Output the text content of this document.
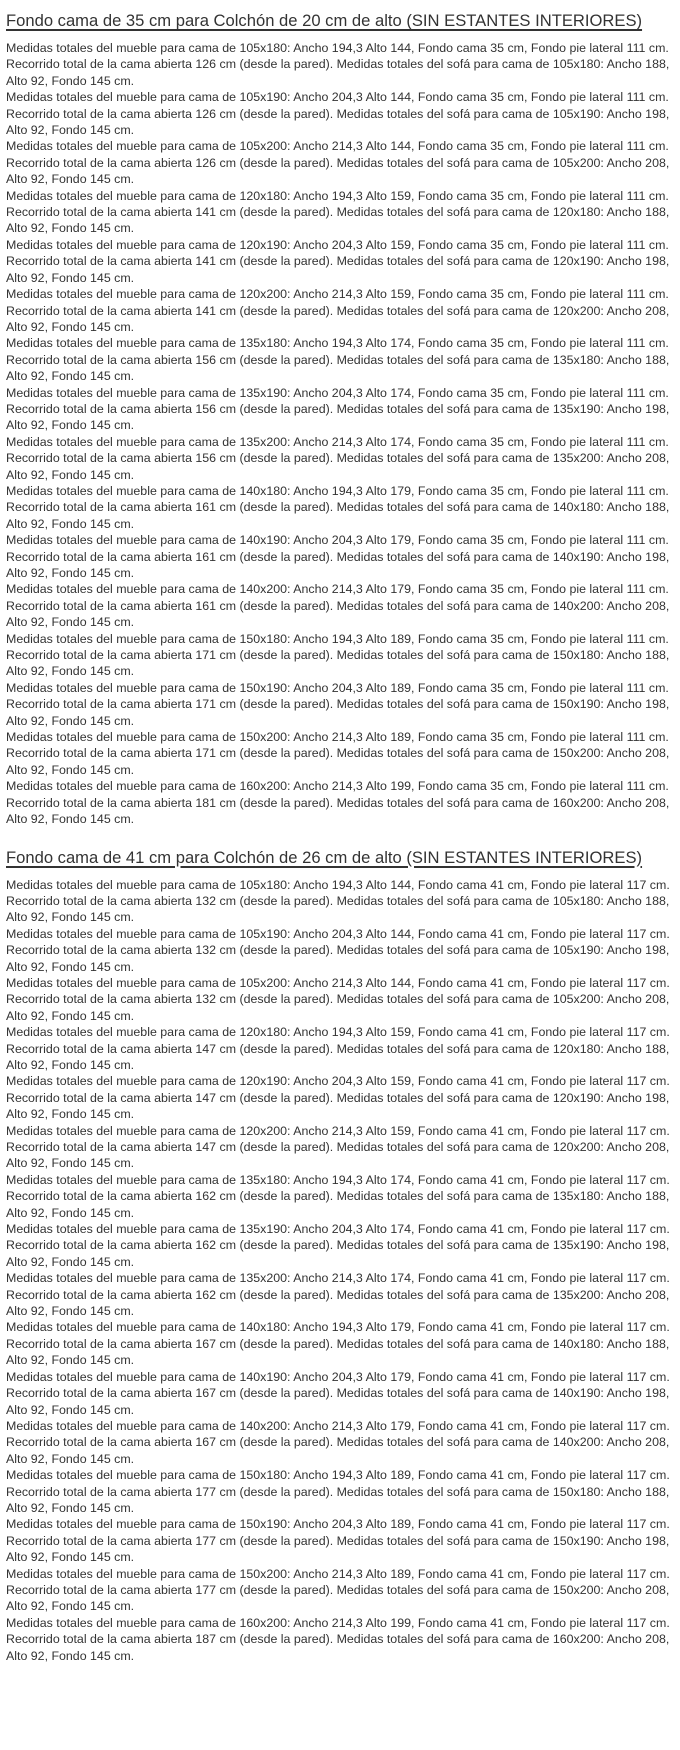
Fondo cama de 35 cm para Colchón de 20 cm de alto (SIN ESTANTES INTERIORES)

Medidas totales del mueble para cama de 105x180: Ancho 194,3 Alto 144, Fondo cama 35 cm, Fondo pie lateral 111 cm. Recorrido total de la cama abierta 126 cm (desde la pared). Medidas totales del sofá para cama de 105x180: Ancho 188, Alto 92, Fondo 145 cm.

Medidas totales del mueble para cama de 105x190: Ancho 204,3 Alto 144, Fondo cama 35 cm, Fondo pie lateral 111 cm. Recorrido total de la cama abierta 126 cm (desde la pared). Medidas totales del sofá para cama de 105x190: Ancho 198, Alto 92, Fondo 145 cm.

Medidas totales del mueble para cama de 105x200: Ancho 214,3 Alto 144, Fondo cama 35 cm, Fondo pie lateral 111 cm. Recorrido total de la cama abierta 126 cm (desde la pared). Medidas totales del sofá para cama de 105x200: Ancho 208, Alto 92, Fondo 145 cm.

Medidas totales del mueble para cama de 120x180: Ancho 194,3 Alto 159, Fondo cama 35 cm, Fondo pie lateral 111 cm. Recorrido total de la cama abierta 141 cm (desde la pared). Medidas totales del sofá para cama de 120x180: Ancho 188, Alto 92, Fondo 145 cm.

Medidas totales del mueble para cama de 120x190: Ancho 204,3 Alto 159, Fondo cama 35 cm, Fondo pie lateral 111 cm. Recorrido total de la cama abierta 141 cm (desde la pared). Medidas totales del sofá para cama de 120x190: Ancho 198, Alto 92, Fondo 145 cm.

Medidas totales del mueble para cama de 120x200: Ancho 214,3 Alto 159, Fondo cama 35 cm, Fondo pie lateral 111 cm. Recorrido total de la cama abierta 141 cm (desde la pared). Medidas totales del sofá para cama de 120x200: Ancho 208, Alto 92, Fondo 145 cm.

Medidas totales del mueble para cama de 135x180: Ancho 194,3 Alto 174, Fondo cama 35 cm, Fondo pie lateral 111 cm. Recorrido total de la cama abierta 156 cm (desde la pared). Medidas totales del sofá para cama de 135x180: Ancho 188, Alto 92, Fondo 145 cm.

Medidas totales del mueble para cama de 135x190: Ancho 204,3 Alto 174, Fondo cama 35 cm, Fondo pie lateral 111 cm. Recorrido total de la cama abierta 156 cm (desde la pared). Medidas totales del sofá para cama de 135x190: Ancho 198, Alto 92, Fondo 145 cm.

Medidas totales del mueble para cama de 135x200: Ancho 214,3 Alto 174, Fondo cama 35 cm, Fondo pie lateral 111 cm. Recorrido total de la cama abierta 156 cm (desde la pared). Medidas totales del sofá para cama de 135x200: Ancho 208, Alto 92, Fondo 145 cm.

Medidas totales del mueble para cama de 140x180: Ancho 194,3 Alto 179, Fondo cama 35 cm, Fondo pie lateral 111 cm. Recorrido total de la cama abierta 161 cm (desde la pared). Medidas totales del sofá para cama de 140x180: Ancho 188, Alto 92, Fondo 145 cm.

Medidas totales del mueble para cama de 140x190: Ancho 204,3 Alto 179, Fondo cama 35 cm, Fondo pie lateral 111 cm. Recorrido total de la cama abierta 161 cm (desde la pared). Medidas totales del sofá para cama de 140x190: Ancho 198, Alto 92, Fondo 145 cm.

Medidas totales del mueble para cama de 140x200: Ancho 214,3 Alto 179, Fondo cama 35 cm, Fondo pie lateral 111 cm. Recorrido total de la cama abierta 161 cm (desde la pared). Medidas totales del sofá para cama de 140x200: Ancho 208, Alto 92, Fondo 145 cm.

Medidas totales del mueble para cama de 150x180: Ancho 194,3 Alto 189, Fondo cama 35 cm, Fondo pie lateral 111 cm. Recorrido total de la cama abierta 171 cm (desde la pared). Medidas totales del sofá para cama de 150x180: Ancho 188, Alto 92, Fondo 145 cm.

Medidas totales del mueble para cama de 150x190: Ancho 204,3 Alto 189, Fondo cama 35 cm, Fondo pie lateral 111 cm. Recorrido total de la cama abierta 171 cm (desde la pared). Medidas totales del sofá para cama de 150x190: Ancho 198, Alto 92, Fondo 145 cm.

Medidas totales del mueble para cama de 150x200: Ancho 214,3 Alto 189, Fondo cama 35 cm, Fondo pie lateral 111 cm. Recorrido total de la cama abierta 171 cm (desde la pared). Medidas totales del sofá para cama de 150x200: Ancho 208, Alto 92, Fondo 145 cm.

Medidas totales del mueble para cama de 160x200: Ancho 214,3 Alto 199, Fondo cama 35 cm, Fondo pie lateral 111 cm. Recorrido total de la cama abierta 181 cm (desde la pared). Medidas totales del sofá para cama de 160x200: Ancho 208, Alto 92, Fondo 145 cm.

Fondo cama de 41 cm para Colchón de 26 cm de alto (SIN ESTANTES INTERIORES)

Medidas totales del mueble para cama de 105x180: Ancho 194,3 Alto 144, Fondo cama 41 cm, Fondo pie lateral 117 cm. Recorrido total de la cama abierta 132 cm (desde la pared). Medidas totales del sofá para cama de 105x180: Ancho 188, Alto 92, Fondo 145 cm.

Medidas totales del mueble para cama de 105x190: Ancho 204,3 Alto 144, Fondo cama 41 cm, Fondo pie lateral 117 cm. Recorrido total de la cama abierta 132 cm (desde la pared). Medidas totales del sofá para cama de 105x190: Ancho 198, Alto 92, Fondo 145 cm.

Medidas totales del mueble para cama de 105x200: Ancho 214,3 Alto 144, Fondo cama 41 cm, Fondo pie lateral 117 cm. Recorrido total de la cama abierta 132 cm (desde la pared). Medidas totales del sofá para cama de 105x200: Ancho 208, Alto 92, Fondo 145 cm.

Medidas totales del mueble para cama de 120x180: Ancho 194,3 Alto 159, Fondo cama 41 cm, Fondo pie lateral 117 cm. Recorrido total de la cama abierta 147 cm (desde la pared). Medidas totales del sofá para cama de 120x180: Ancho 188, Alto 92, Fondo 145 cm.

Medidas totales del mueble para cama de 120x190: Ancho 204,3 Alto 159, Fondo cama 41 cm, Fondo pie lateral 117 cm. Recorrido total de la cama abierta 147 cm (desde la pared). Medidas totales del sofá para cama de 120x190: Ancho 198, Alto 92, Fondo 145 cm.

Medidas totales del mueble para cama de 120x200: Ancho 214,3 Alto 159, Fondo cama 41 cm, Fondo pie lateral 117 cm. Recorrido total de la cama abierta 147 cm (desde la pared). Medidas totales del sofá para cama de 120x200: Ancho 208, Alto 92, Fondo 145 cm.

Medidas totales del mueble para cama de 135x180: Ancho 194,3 Alto 174, Fondo cama 41 cm, Fondo pie lateral 117 cm. Recorrido total de la cama abierta 162 cm (desde la pared). Medidas totales del sofá para cama de 135x180: Ancho 188, Alto 92, Fondo 145 cm.

Medidas totales del mueble para cama de 135x190: Ancho 204,3 Alto 174, Fondo cama 41 cm, Fondo pie lateral 117 cm. Recorrido total de la cama abierta 162 cm (desde la pared). Medidas totales del sofá para cama de 135x190: Ancho 198, Alto 92, Fondo 145 cm.

Medidas totales del mueble para cama de 135x200: Ancho 214,3 Alto 174, Fondo cama 41 cm, Fondo pie lateral 117 cm. Recorrido total de la cama abierta 162 cm (desde la pared). Medidas totales del sofá para cama de 135x200: Ancho 208, Alto 92, Fondo 145 cm.

Medidas totales del mueble para cama de 140x180: Ancho 194,3 Alto 179, Fondo cama 41 cm, Fondo pie lateral 117 cm. Recorrido total de la cama abierta 167 cm (desde la pared). Medidas totales del sofá para cama de 140x180: Ancho 188, Alto 92, Fondo 145 cm.

Medidas totales del mueble para cama de 140x190: Ancho 204,3 Alto 179, Fondo cama 41 cm, Fondo pie lateral 117 cm. Recorrido total de la cama abierta 167 cm (desde la pared). Medidas totales del sofá para cama de 140x190: Ancho 198, Alto 92, Fondo 145 cm.

Medidas totales del mueble para cama de 140x200: Ancho 214,3 Alto 179, Fondo cama 41 cm, Fondo pie lateral 117 cm. Recorrido total de la cama abierta 167 cm (desde la pared). Medidas totales del sofá para cama de 140x200: Ancho 208, Alto 92, Fondo 145 cm.

Medidas totales del mueble para cama de 150x180: Ancho 194,3 Alto 189, Fondo cama 41 cm, Fondo pie lateral 117 cm. Recorrido total de la cama abierta 177 cm (desde la pared). Medidas totales del sofá para cama de 150x180: Ancho 188, Alto 92, Fondo 145 cm.

Medidas totales del mueble para cama de 150x190: Ancho 204,3 Alto 189, Fondo cama 41 cm, Fondo pie lateral 117 cm. Recorrido total de la cama abierta 177 cm (desde la pared). Medidas totales del sofá para cama de 150x190: Ancho 198, Alto 92, Fondo 145 cm.

Medidas totales del mueble para cama de 150x200: Ancho 214,3 Alto 189, Fondo cama 41 cm, Fondo pie lateral 117 cm. Recorrido total de la cama abierta 177 cm (desde la pared). Medidas totales del sofá para cama de 150x200: Ancho 208, Alto 92, Fondo 145 cm.

Medidas totales del mueble para cama de 160x200: Ancho 214,3 Alto 199, Fondo cama 41 cm, Fondo pie lateral 117 cm. Recorrido total de la cama abierta 187 cm (desde la pared). Medidas totales del sofá para cama de 160x200: Ancho 208, Alto 92, Fondo 145 cm.
